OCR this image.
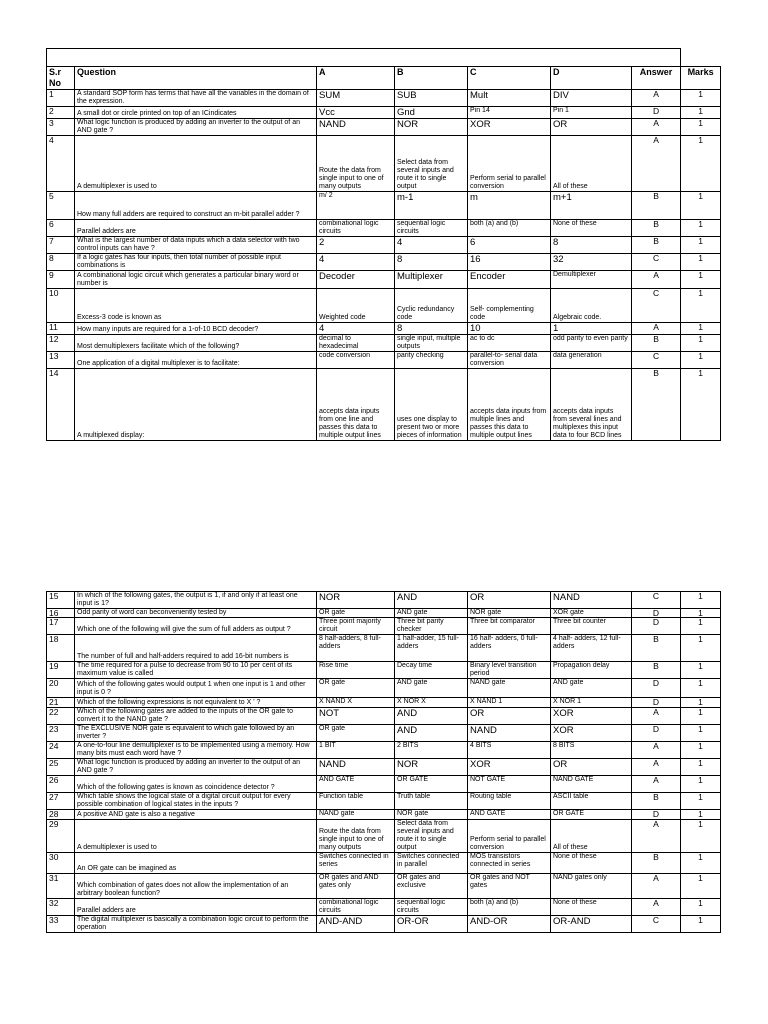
S.r No	Question	A	B	C	D	Answer	Marks
1	A standard SOP form has terms that have all the variables in the domain of the expression.	SUM	SUB	Mult	DIV	A	1
2	A small dot or circle printed on top of an ICindicates	Vcc	Gnd	Pin 14	Pin 1	D	1
3	What logic function is produced by adding an inverter to the output of an AND gate ?	NAND	NOR	XOR	OR	A	1
4	A demultiplexer is used to	Route the data from single input to one of many outputs	Select data from several inputs and route it to single output	Perform serial to parallel conversion	All of these	A	1
5	How many full adders are required to construct an m-bit parallel adder ?	m/ 2	m-1	m	m+1	B	1
6	Parallel adders are	combinational logic circuits	sequential logic circuits	both (a) and (b)	None of these	B	1
7	What is the largest number of data inputs which a data selector with two control inputs can have ?	2	4	6	8	B	1
8	If a logic gates has four inputs, then total number of possible input combinations is	4	8	16	32	C	1
9	A combinational logic circuit which generates a particular binary word or number is	Decoder	Multiplexer	Encoder	Demultiplexer	A	1
10	Excess-3 code is known as	Weighted code	Cyclic redundancy code	Self- complementing code	Algebraic code.	C	1
11	How many inputs are required for a 1-of-10 BCD decoder?	4	8	10	1	A	1
12	Most demultiplexers facilitate which of the following?	decimal to hexadecimal	single input, multiple outputs	ac to dc	odd parity to even parity	B	1
13	One application of a digital multiplexer is to facilitate:	code conversion	parity checking	parallel-to- serial data conversion	data generation	C	1
14	A multiplexed display:	accepts data inputs from one line and passes this data to multiple output lines	uses one display to present two or more pieces of information	accepts data inputs from multiple lines and passes this data to multiple output lines	accepts data inputs from several lines and multiplexes this input data to four BCD lines	B	1
15	In which of the following gates, the output is 1, if and only if at least one input is 1?	NOR	AND	OR	NAND	C	1
16	Odd parity of word can beconveniently tested by	OR gate	AND gate	NOR gate	XOR gate	D	1
17	Which one of the following will give the sum of full adders as output ?	Three point majority circuit	Three bit parity checker	Three bit comparator	Three bit counter	D	1
18	The number of full and half-adders required to add 16-bit numbers is	8 half-adders, 8 full-adders	1 half-adder, 15 full- adders	16 half- adders, 0 full- adders	4 half- adders, 12 full-adders	B	1
19	The time required for a pulse to decrease from 90 to 10 per cent of its maximum value is called	Rise time	Decay time	Binary level transition period	Propagation delay	B	1
20	Which of the following gates would output 1 when one input is 1 and other input is 0 ?	OR gate	AND gate	NAND gate	AND gate	D	1
21	Which of the following expressions is not equivalent to X ' ?	X NAND X	X NOR X	X NAND 1	X NOR 1	D	1
22	Which of the following gates are added to the inputs of the OR gate to convert it to the NAND gate ?	NOT	AND	OR	XOR	A	1
23	The EXCLUSIVE NOR gate is equivalent to which gate followed by an inverter ?	OR gate	AND	NAND	XOR	D	1
24	A one-to-four line demultiplexer is to be implemented using a memory. How many bits must each word have ?	1 BIT	2 BITS	4 BITS	8 BITS	A	1
25	What logic function is produced by adding an inverter to the output of an AND gate ?	NAND	NOR	XOR	OR	A	1
26	Which of the following gates is known as coincidence detector ?	AND GATE	OR GATE	NOT GATE	NAND GATE	A	1
27	Which table shows the logical state of a digital circuit output for every possible combination of logical states in the inputs ?	Function table	Truth table	Routing table	ASCII table	B	1
28	A positive AND gate is also a negative	NAND gate	NOR gate	AND GATE	OR GATE	D	1
29	A demultiplexer is used to	Route the data from single input to one of many outputs	Select data from several inputs and route it to single output	Perform serial to parallel conversion	All of these	A	1
30	An OR gate can be imagined as	Switches connected in series	Switches connected in parallel	MOS transistors connected in series	None of these	B	1
31	Which combination of gates does not allow the implementation of an arbitrary boolean function?	OR gates and AND gates only	OR gates and exclusive	OR gates and NOT gates	NAND gates only	A	1
32	Parallel adders are	combinational logic circuits	sequential logic circuits	both (a) and (b)	None of these	A	1
33	The digital multiplexer is basically a combination logic circuit to perform the operation	AND-AND	OR-OR	AND-OR	OR-AND	C	1
